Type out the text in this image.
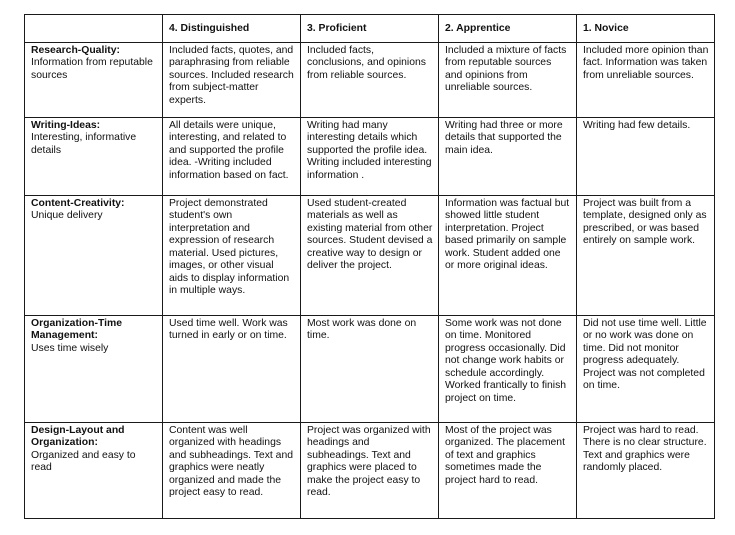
	4. Distinguished	3. Proficient	2. Apprentice	1. Novice

Research-Quality:
Information from reputable sources	Included facts, quotes, and paraphrasing from reliable sources. Included research from subject-matter experts.	Included facts, conclusions, and opinions from reliable sources.	Included a mixture of facts from reputable sources and opinions from unreliable sources.	Included more opinion than fact. Information was taken from unreliable sources.

Writing-Ideas:
Interesting, informative details	All details were unique, interesting, and related to and supported the profile idea. -Writing included information based on fact.	Writing had many interesting details which supported the profile idea. Writing included interesting information .	Writing had three or more details that supported the main idea.	Writing had few details.

Content-Creativity:
Unique delivery	Project demonstrated student's own interpretation and expression of research material. Used pictures, images, or other visual aids to display information in multiple ways.	Used student-created materials as well as existing material from other sources. Student devised a creative way to design or deliver the project.	Information was factual but showed little student interpretation. Project based primarily on sample work. Student added one or more original ideas.	Project was built from a template, designed only as prescribed, or was based entirely on sample work.

Organization-Time Management:
Uses time wisely	Used time well. Work was turned in early or on time.	Most work was done on time.	Some work was not done on time. Monitored progress occasionally. Did not change work habits or schedule accordingly. Worked frantically to finish project on time.	Did not use time well. Little or no work was done on time. Did not monitor progress adequately. Project was not completed on time.

Design-Layout and Organization:
Organized and easy to read	Content was well organized with headings and subheadings. Text and graphics were neatly organized and made the project easy to read.	Project was organized with headings and subheadings. Text and graphics were placed to make the project easy to read.	Most of the project was organized. The placement of text and graphics sometimes made the project hard to read.	Project was hard to read. There is no clear structure. Text and graphics were randomly placed.
